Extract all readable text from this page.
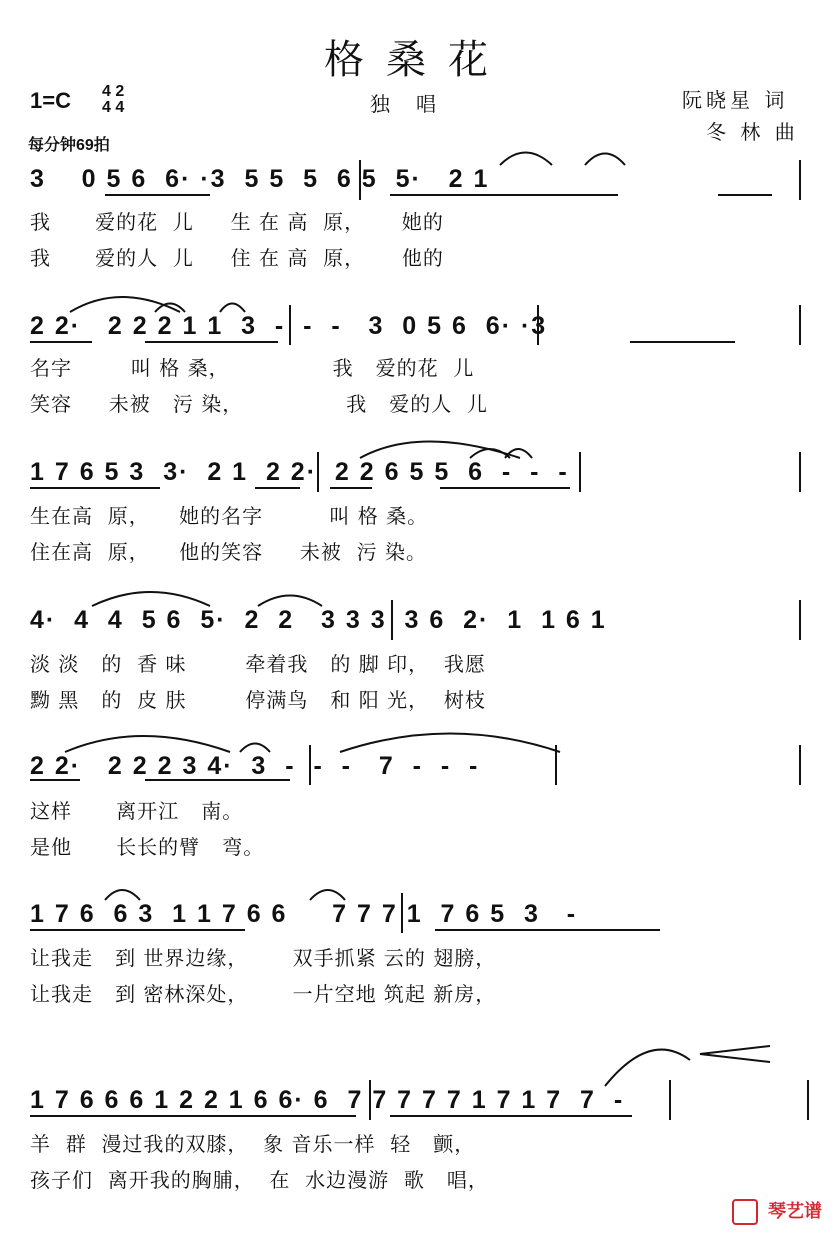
格桑花
1=C 4 2
4 4
每分钟69拍
独唱	阮晓星 词
冬 林 曲
3    0 5 6  6· ·3  5 5  5  6 5  5·   2 1
我      爱的花  儿     生 在 高  原，     她的
我      爱的人  儿     住 在 高  原，     他的
2 2·   2 2 2 1 1  3  -  -  -   3  0 5 6  6· ·3
名字        叫 格 桑，              我   爱的花  儿
笑容     未被   污 染，              我   爱的人  儿
1 7 6 5 3  3·  2 1  2 2·  2 2 6 5 5  6  -  -  -
生在高  原，    她的名字         叫 格 桑。
住在高  原，    他的笑容     未被  污 染。
4·  4  4  5 6  5·  2  2   3 3 3  3 6  2·  1  1 6 1
淡 淡   的  香 味        牵着我   的 脚 印，  我愿
黝 黑   的  皮 肤        停满鸟   和 阳 光，  树枝
2 2·   2 2 2 3 4·  3  -  -  -   7  -  -  -
这样      离开江   南。
是他      长长的臂   弯。
1 7 6  6 3  1 1 7 6 6     7 7 7 1  7 6 5  3   -
让我走   到 世界边缘，      双手抓紧 云的 翅膀，
让我走   到 密林深处，      一片空地 筑起 新房，
1 7 6 6 6 1 2 2 1 6 6· 6  7 7 7 7 7 1 7 1 7  7  -
羊  群  漫过我的双膝，  象 音乐一样  轻   颤，
孩子们  离开我的胸脯，  在  水边漫游  歌   唱，
琴艺谱
